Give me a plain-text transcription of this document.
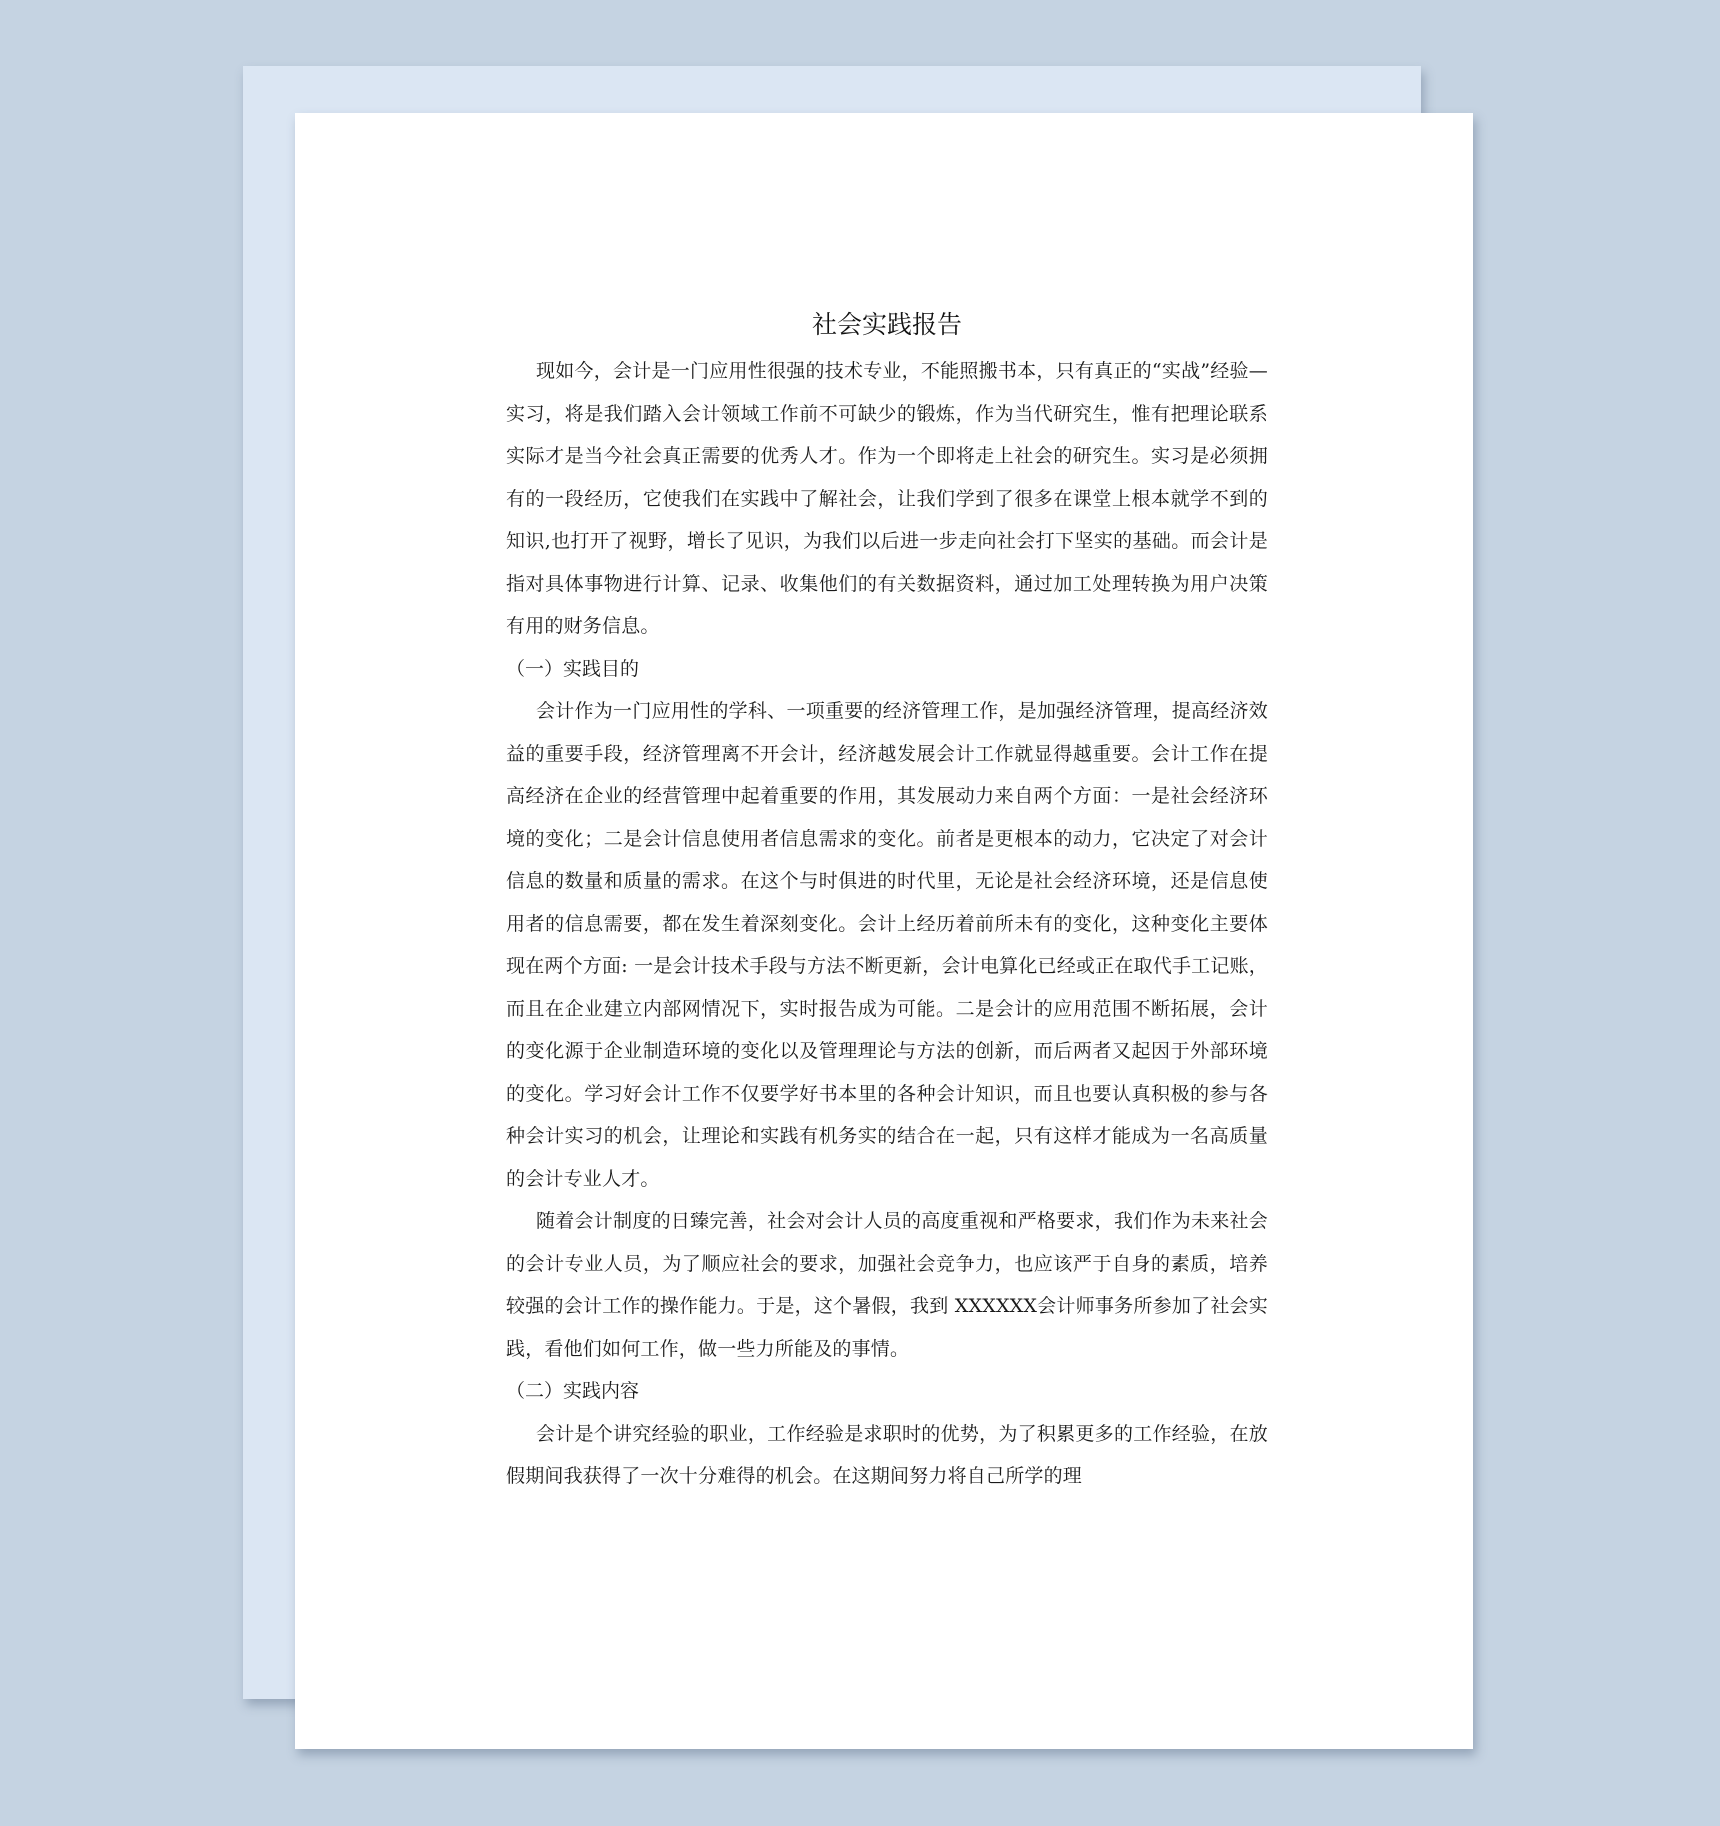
社会实践报告

现如今，会计是一门应用性很强的技术专业，不能照搬书本，只有真正的“实战”经验—实习，将是我们踏入会计领域工作前不可缺少的锻炼，作为当代研究生，惟有把理论联系实际才是当今社会真正需要的优秀人才。作为一个即将走上社会的研究生。实习是必须拥有的一段经历，它使我们在实践中了解社会，让我们学到了很多在课堂上根本就学不到的知识,也打开了视野，增长了见识，为我们以后进一步走向社会打下坚实的基础。而会计是指对具体事物进行计算、记录、收集他们的有关数据资料，通过加工处理转换为用户决策有用的财务信息。

（一）实践目的

会计作为一门应用性的学科、一项重要的经济管理工作，是加强经济管理，提高经济效益的重要手段，经济管理离不开会计，经济越发展会计工作就显得越重要。会计工作在提高经济在企业的经营管理中起着重要的作用，其发展动力来自两个方面：一是社会经济环境的变化；二是会计信息使用者信息需求的变化。前者是更根本的动力，它决定了对会计信息的数量和质量的需求。在这个与时俱进的时代里，无论是社会经济环境，还是信息使用者的信息需要，都在发生着深刻变化。会计上经历着前所未有的变化，这种变化主要体现在两个方面: 一是会计技术手段与方法不断更新，会计电算化已经或正在取代手工记账，而且在企业建立内部网情况下，实时报告成为可能。二是会计的应用范围不断拓展，会计的变化源于企业制造环境的变化以及管理理论与方法的创新，而后两者又起因于外部环境的变化。学习好会计工作不仅要学好书本里的各种会计知识，而且也要认真积极的参与各种会计实习的机会，让理论和实践有机务实的结合在一起，只有这样才能成为一名高质量的会计专业人才。

随着会计制度的日臻完善，社会对会计人员的高度重视和严格要求，我们作为未来社会的会计专业人员，为了顺应社会的要求，加强社会竞争力，也应该严于自身的素质，培养较强的会计工作的操作能力。于是，这个暑假，我到 XXXXXX会计师事务所参加了社会实践，看他们如何工作，做一些力所能及的事情。

（二）实践内容

会计是个讲究经验的职业，工作经验是求职时的优势，为了积累更多的工作经验，在放假期间我获得了一次十分难得的机会。在这期间努力将自己所学的理
